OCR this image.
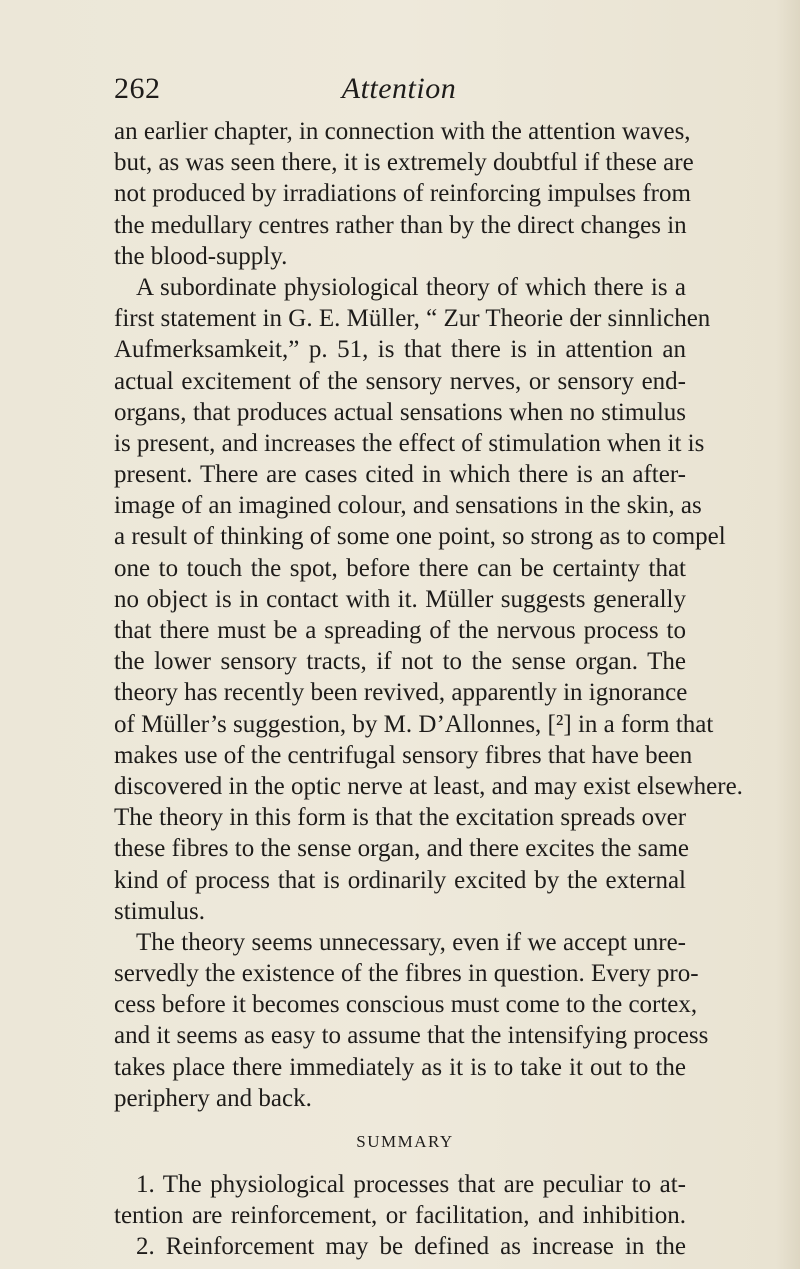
Attention
262
an earlier chapter, in connection with the attention waves,
but, as was seen there, it is extremely doubtful if these are
not produced by irradiations of reinforcing impulses from
the medullary centres rather than by the direct changes in
the blood-supply.
A subordinate physiological theory of which there is a
first statement in G. E. Müller, “ Zur Theorie der sinnlichen
Aufmerksamkeit,” p. 51, is that there is in attention an
actual excitement of the sensory nerves, or sensory end-
organs, that produces actual sensations when no stimulus
is present, and increases the effect of stimulation when it is
present. There are cases cited in which there is an after-
image of an imagined colour, and sensations in the skin, as
a result of thinking of some one point, so strong as to compel
one to touch the spot, before there can be certainty that
no object is in contact with it. Müller suggests generally
that there must be a spreading of the nervous process to
the lower sensory tracts, if not to the sense organ. The
theory has recently been revived, apparently in ignorance
of Müller’s suggestion, by M. D’Allonnes, [²] in a form that
makes use of the centrifugal sensory fibres that have been
discovered in the optic nerve at least, and may exist elsewhere.
The theory in this form is that the excitation spreads over
these fibres to the sense organ, and there excites the same
kind of process that is ordinarily excited by the external
stimulus.
The theory seems unnecessary, even if we accept unre-
servedly the existence of the fibres in question. Every pro-
cess before it becomes conscious must come to the cortex,
and it seems as easy to assume that the intensifying process
takes place there immediately as it is to take it out to the
periphery and back.
SUMMARY
1. The physiological processes that are peculiar to at-
tention are reinforcement, or facilitation, and inhibition.
2. Reinforcement may be defined as increase in the
